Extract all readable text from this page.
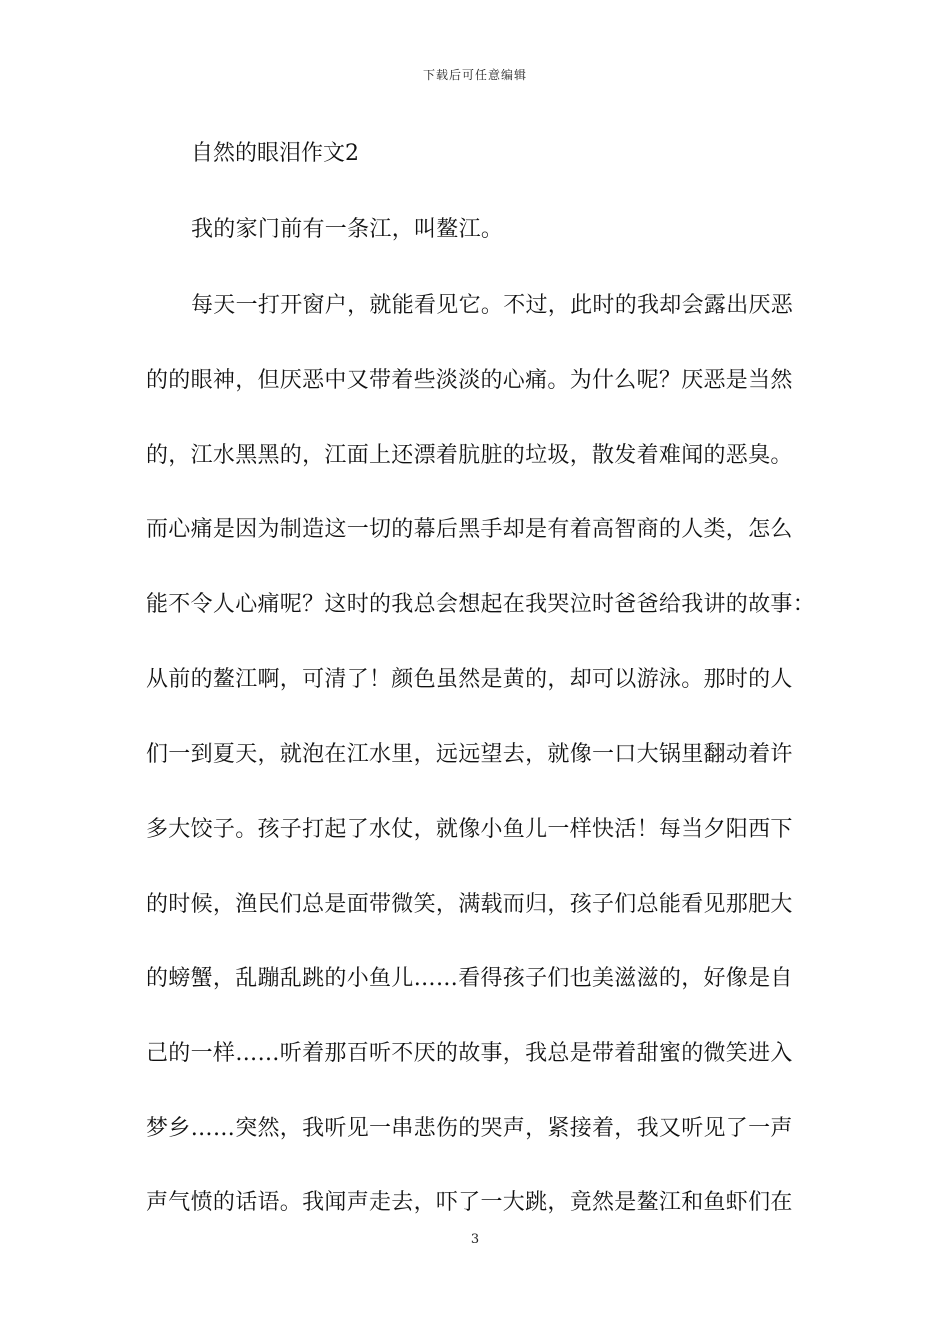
下载后可任意编辑
自然的眼泪作文2
我的家门前有一条江，叫鳌江。
每天一打开窗户，就能看见它。不过，此时的我却会露出厌恶
的的眼神，但厌恶中又带着些淡淡的心痛。为什么呢？厌恶是当然
的，江水黑黑的，江面上还漂着肮脏的垃圾，散发着难闻的恶臭。
而心痛是因为制造这一切的幕后黑手却是有着高智商的人类，怎么
能不令人心痛呢？这时的我总会想起在我哭泣时爸爸给我讲的故事：
从前的鳌江啊，可清了！颜色虽然是黄的，却可以游泳。那时的人
们一到夏天，就泡在江水里，远远望去，就像一口大锅里翻动着许
多大饺子。孩子打起了水仗，就像小鱼儿一样快活！每当夕阳西下
的时候，渔民们总是面带微笑，满载而归，孩子们总能看见那肥大
的螃蟹，乱蹦乱跳的小鱼儿……看得孩子们也美滋滋的，好像是自
己的一样……听着那百听不厌的故事，我总是带着甜蜜的微笑进入
梦乡……突然，我听见一串悲伤的哭声，紧接着，我又听见了一声
声气愤的话语。我闻声走去，吓了一大跳，竟然是鳌江和鱼虾们在
3
